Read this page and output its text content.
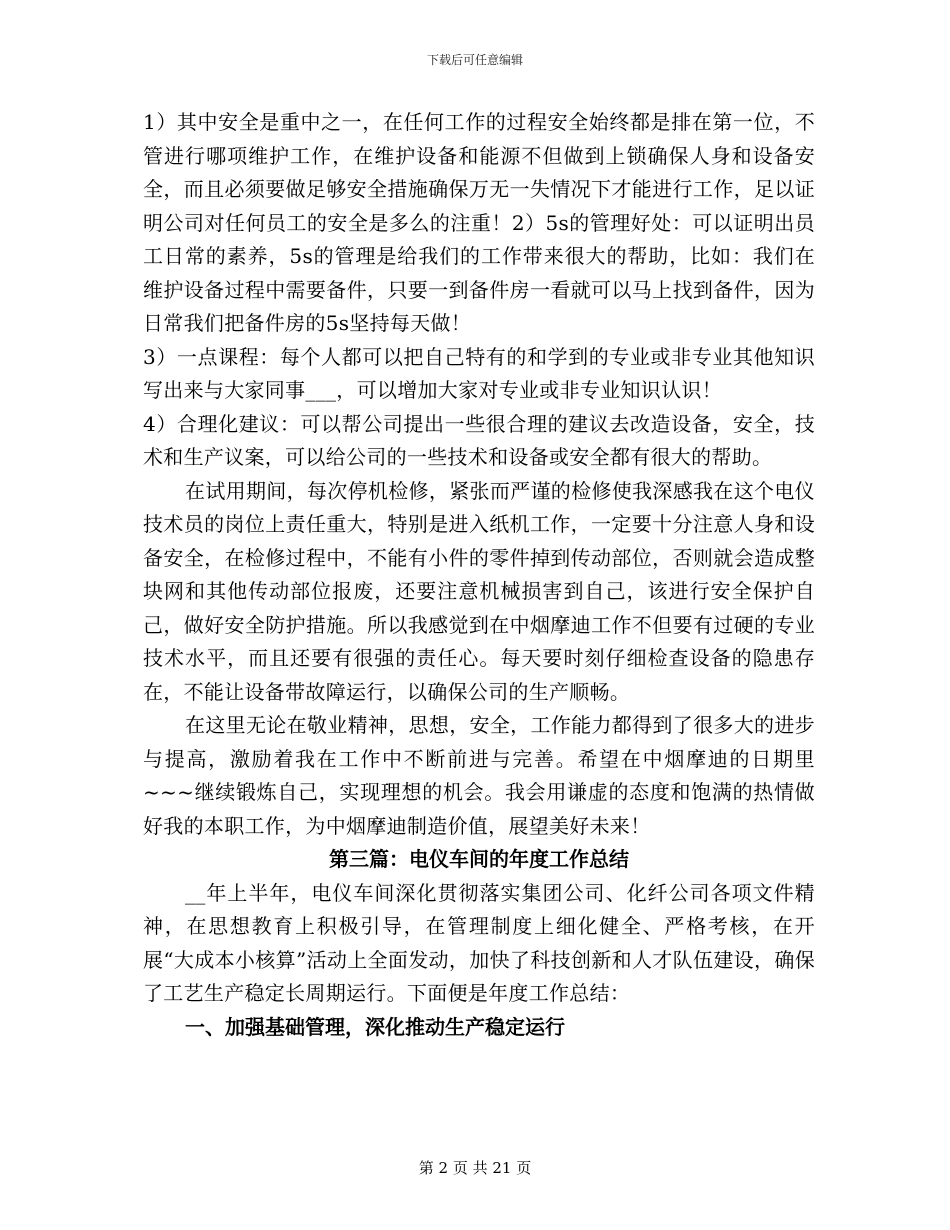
下载后可任意编辑

1）其中安全是重中之一，在任何工作的过程安全始终都是排在第一位，不管进行哪项维护工作，在维护设备和能源不但做到上锁确保人身和设备安全，而且必须要做足够安全措施确保万无一失情况下才能进行工作，足以证明公司对任何员工的安全是多么的注重！2）5s的管理好处：可以证明出员工日常的素养，5s的管理是给我们的工作带来很大的帮助，比如：我们在维护设备过程中需要备件，只要一到备件房一看就可以马上找到备件，因为日常我们把备件房的5s坚持每天做！

3）一点课程：每个人都可以把自己特有的和学到的专业或非专业其他知识写出来与大家同事___，可以增加大家对专业或非专业知识认识！

4）合理化建议：可以帮公司提出一些很合理的建议去改造设备，安全，技术和生产议案，可以给公司的一些技术和设备或安全都有很大的帮助。

在试用期间，每次停机检修，紧张而严谨的检修使我深感我在这个电仪技术员的岗位上责任重大，特别是进入纸机工作，一定要十分注意人身和设备安全，在检修过程中，不能有小件的零件掉到传动部位，否则就会造成整块网和其他传动部位报废，还要注意机械损害到自己，该进行安全保护自己，做好安全防护措施。所以我感觉到在中烟摩迪工作不但要有过硬的专业技术水平，而且还要有很强的责任心。每天要时刻仔细检查设备的隐患存在，不能让设备带故障运行，以确保公司的生产顺畅。

在这里无论在敬业精神，思想，安全，工作能力都得到了很多大的进步与提高，激励着我在工作中不断前进与完善。希望在中烟摩迪的日期里~~~继续锻炼自己，实现理想的机会。我会用谦虚的态度和饱满的热情做好我的本职工作，为中烟摩迪制造价值，展望美好未来！

第三篇：电仪车间的年度工作总结

__年上半年，电仪车间深化贯彻落实集团公司、化纤公司各项文件精神，在思想教育上积极引导，在管理制度上细化健全、严格考核，在开展“大成本小核算”活动上全面发动，加快了科技创新和人才队伍建设，确保了工艺生产稳定长周期运行。下面便是年度工作总结：

一、加强基础管理，深化推动生产稳定运行
第 2 页 共 21 页
